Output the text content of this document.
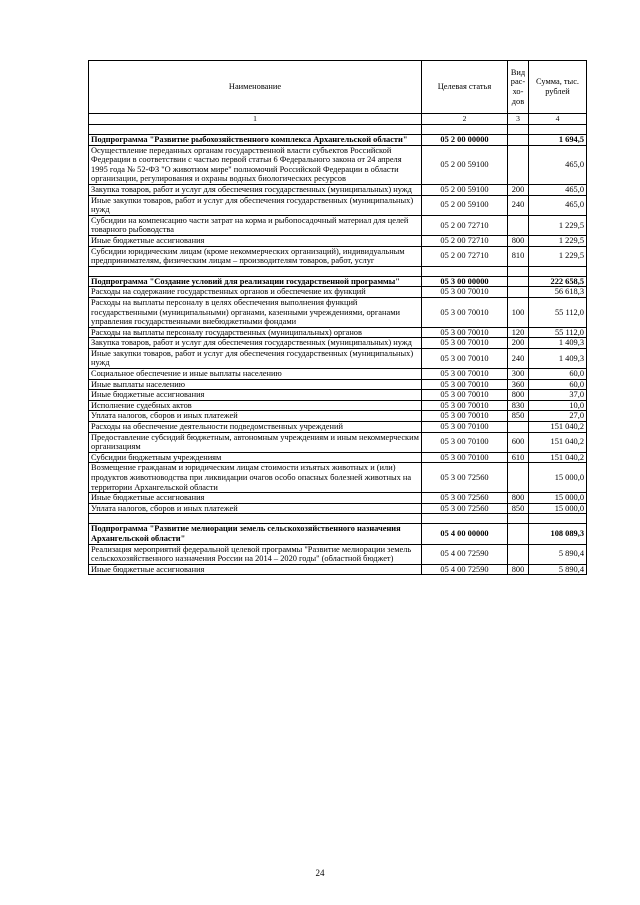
Наименование	Целевая статья	Вид рас-хо-дов	Сумма, тыс. рублей
1	2	3	4

Подпрограмма "Развитие рыбохозяйственного комплекса Архангельской области"	05 2 00 00000		1 694,5
Осуществление переданных органам государственной власти субъектов Российской Федерации в соответствии с частью первой статьи 6 Федерального закона от 24 апреля 1995 года № 52-ФЗ "О животном мире" полномочий Российской Федерации в области организации, регулирования и охраны водных биологических ресурсов	05 2 00 59100		465,0
Закупка товаров, работ и услуг для обеспечения государственных (муниципальных) нужд	05 2 00 59100	200	465,0
Иные закупки товаров, работ и услуг для обеспечения государственных (муниципальных) нужд	05 2 00 59100	240	465,0
Субсидии на компенсацию части затрат на корма и рыбопосадочный материал для целей товарного рыбоводства	05 2 00 72710		1 229,5
Иные бюджетные ассигнования	05 2 00 72710	800	1 229,5
Субсидии юридическим лицам (кроме некоммерческих организаций), индивидуальным предпринимателям, физическим лицам – производителям товаров, работ, услуг	05 2 00 72710	810	1 229,5

Подпрограмма "Создание условий для реализации государственной программы"	05 3 00 00000		222 658,5
Расходы на содержание государственных органов и обеспечение их функций	05 3 00 70010		56 618,3
Расходы на выплаты персоналу в целях обеспечения выполнения функций государственными (муниципальными) органами, казенными учреждениями, органами управления государственными внебюджетными фондами	05 3 00 70010	100	55 112,0
Расходы на выплаты персоналу государственных (муниципальных) органов	05 3 00 70010	120	55 112,0
Закупка товаров, работ и услуг для обеспечения государственных (муниципальных) нужд	05 3 00 70010	200	1 409,3
Иные закупки товаров, работ и услуг для обеспечения государственных (муниципальных) нужд	05 3 00 70010	240	1 409,3
Социальное обеспечение и иные выплаты населению	05 3 00 70010	300	60,0
Иные выплаты населению	05 3 00 70010	360	60,0
Иные бюджетные ассигнования	05 3 00 70010	800	37,0
Исполнение судебных актов	05 3 00 70010	830	10,0
Уплата налогов, сборов и иных платежей	05 3 00 70010	850	27,0
Расходы на обеспечение деятельности подведомственных учреждений	05 3 00 70100		151 040,2
Предоставление субсидий бюджетным, автономным учреждениям и иным некоммерческим организациям	05 3 00 70100	600	151 040,2
Субсидии бюджетным учреждениям	05 3 00 70100	610	151 040,2
Возмещение гражданам и юридическим лицам стоимости изъятых животных и (или) продуктов животноводства при ликвидации очагов особо опасных болезней животных на территории Архангельской области	05 3 00 72560		15 000,0
Иные бюджетные ассигнования	05 3 00 72560	800	15 000,0
Уплата налогов, сборов и иных платежей	05 3 00 72560	850	15 000,0

Подпрограмма "Развитие мелиорации земель сельскохозяйственного назначения Архангельской области"	05 4 00 00000		108 089,3
Реализация мероприятий федеральной целевой программы "Развитие мелиорации земель сельскохозяйственного назначения России на 2014 – 2020 годы" (областной бюджет)	05 4 00 72590		5 890,4
Иные бюджетные ассигнования	05 4 00 72590	800	5 890,4
24
